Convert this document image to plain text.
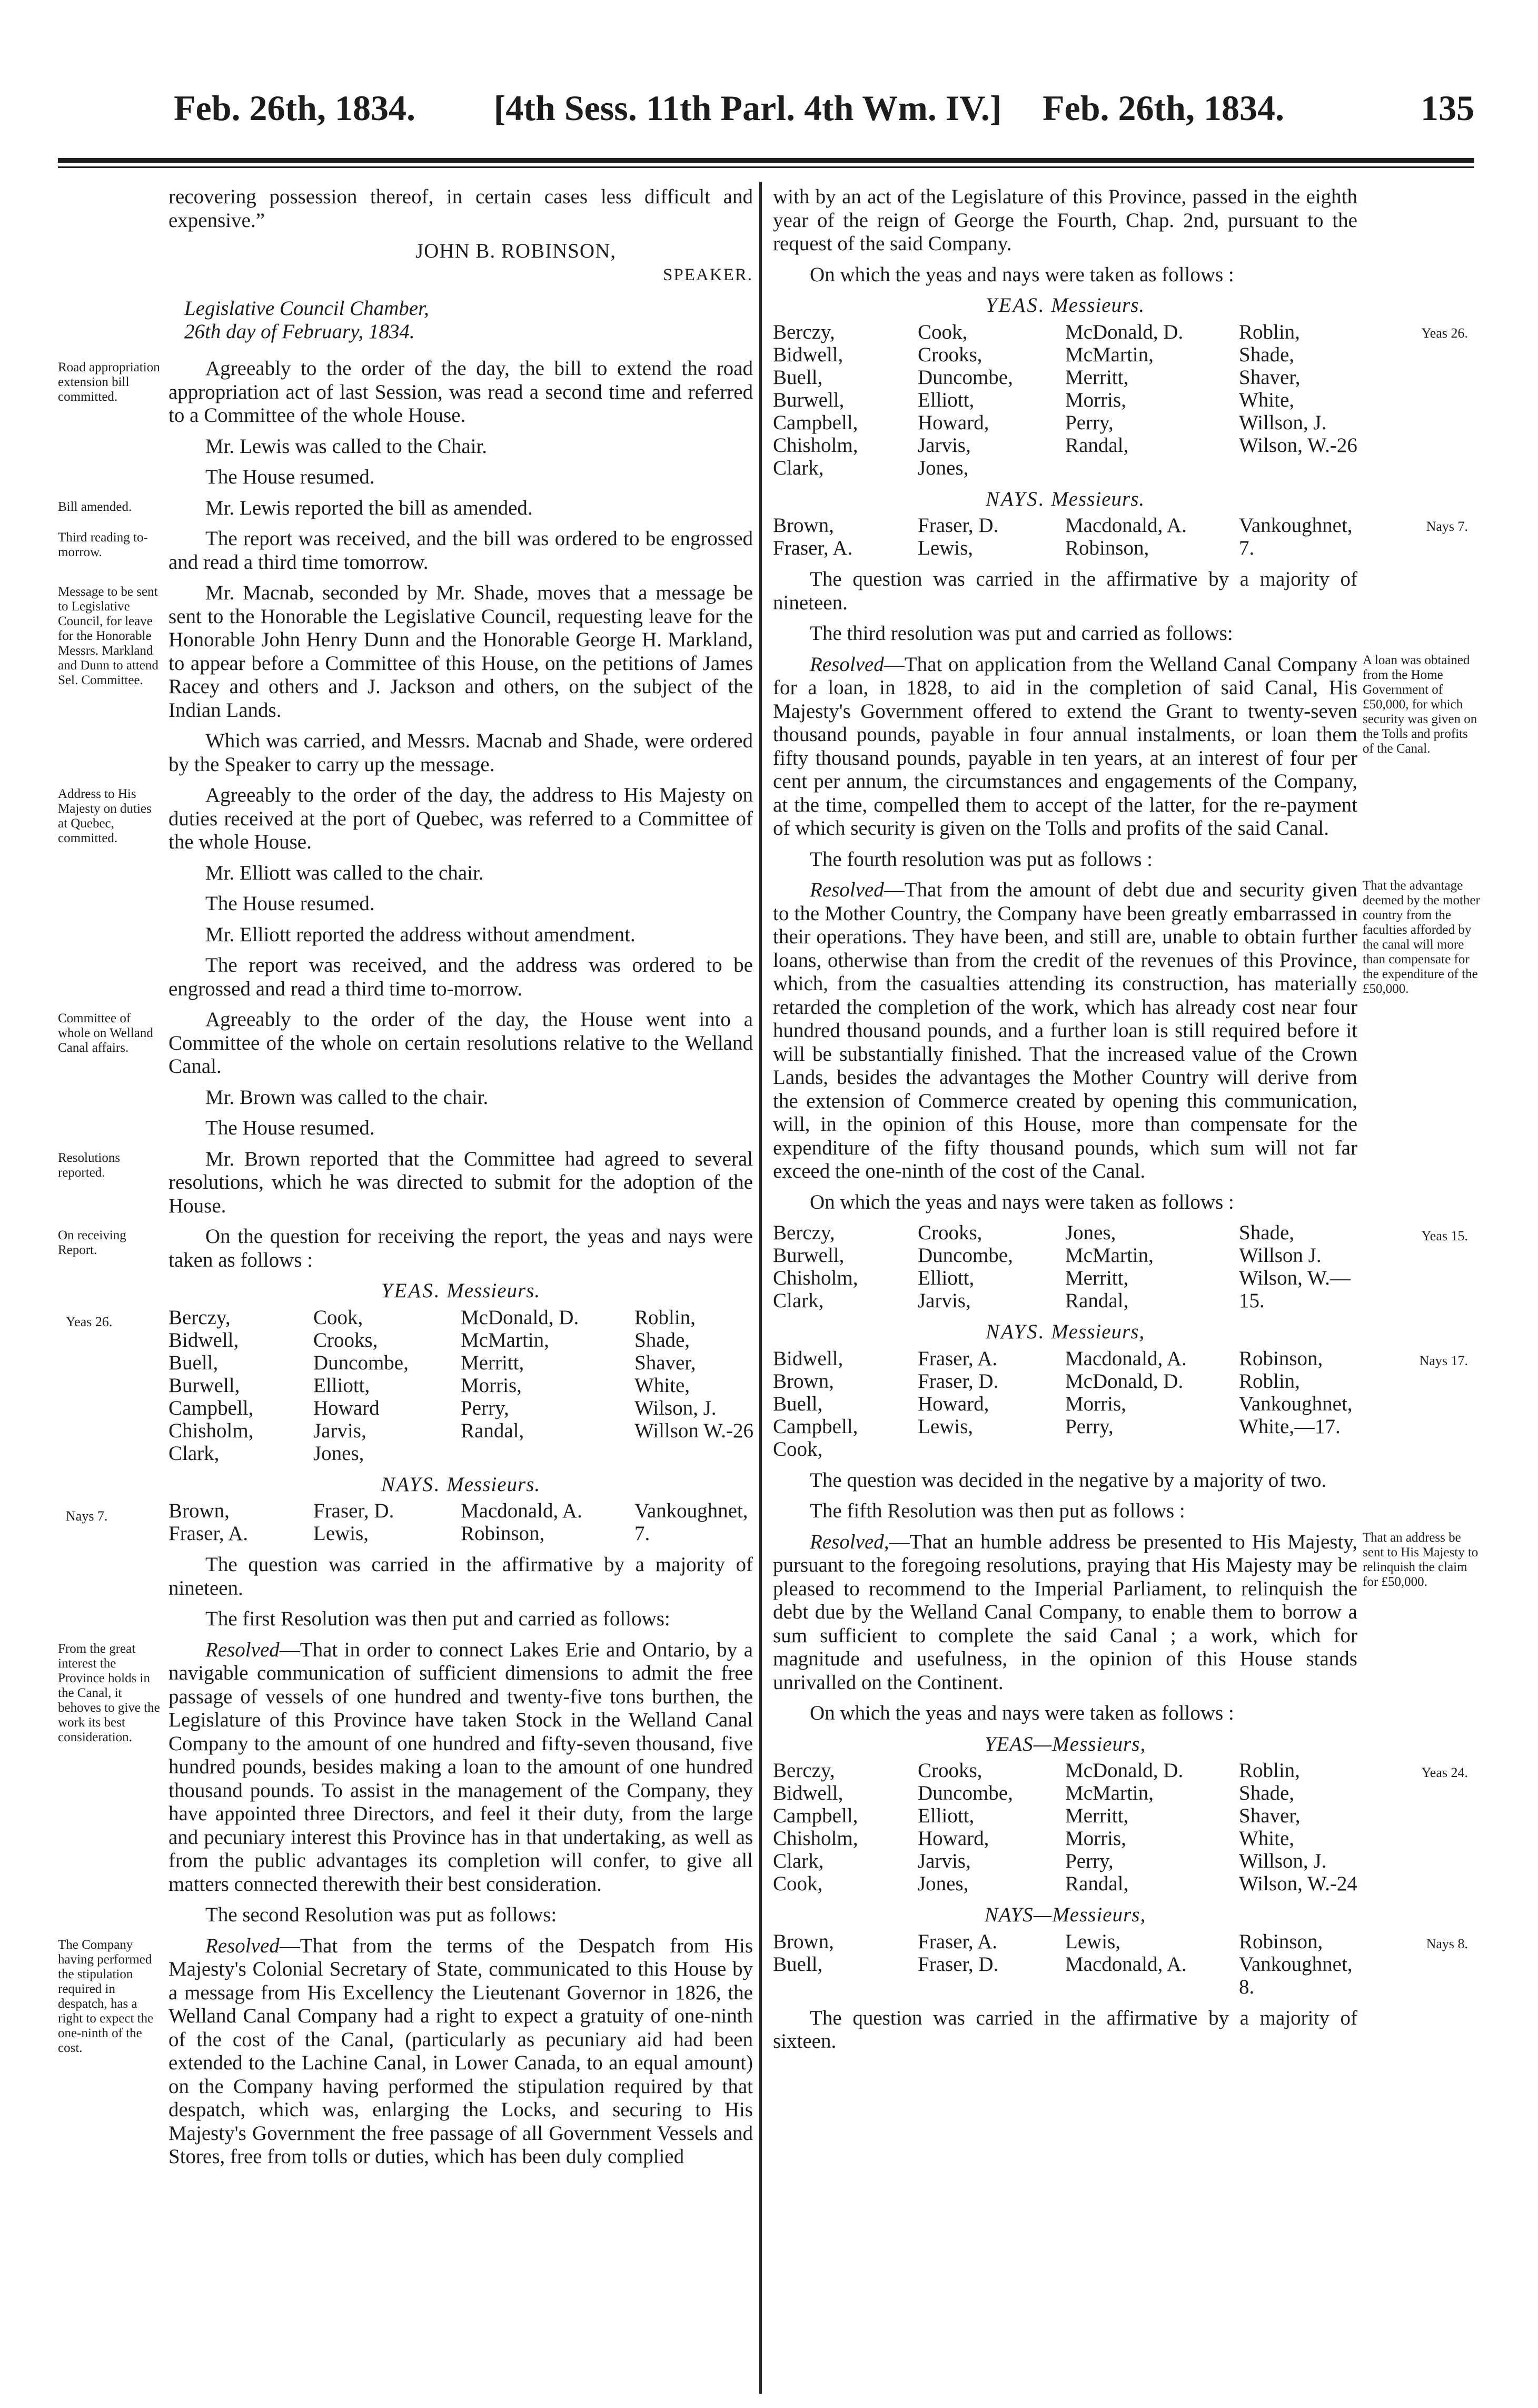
Feb. 26th, 1834.	[4th Sess. 11th Parl. 4th Wm. IV.]	Feb. 26th, 1834.	135

recovering possession thereof, in certain cases less difficult and expensive.”

JOHN B. ROBINSON,

SPEAKER.

Legislative Council Chamber,
26th day of February, 1834.

Road appropriation extension bill committed.
Agreeably to the order of the day, the bill to extend the road appropriation act of last Session, was read a second time and referred to a Committee of the whole House.

Mr. Lewis was called to the Chair.

The House resumed.

Bill amended.	Mr. Lewis reported the bill as amended.

Third reading to-morrow.
The report was received, and the bill was ordered to be engrossed and read a third time tomorrow.

Message to be sent to Legislative Council, for leave for the Honorable Messrs. Markland and Dunn to attend Sel. Committee.
Mr. Macnab, seconded by Mr. Shade, moves that a message be sent to the Honorable the Legislative Council, requesting leave for the Honorable John Henry Dunn and the Honorable George H. Markland, to appear before a Committee of this House, on the petitions of James Racey and others and J. Jackson and others, on the subject of the Indian Lands.

Which was carried, and Messrs. Macnab and Shade, were ordered by the Speaker to carry up the message.

Address to His Majesty on duties at Quebec, committed.
Agreeably to the order of the day, the address to His Majesty on duties received at the port of Quebec, was referred to a Committee of the whole House.

Mr. Elliott was called to the chair.

The House resumed.

Mr. Elliott reported the address without amendment.

The report was received, and the address was ordered to be engrossed and read a third time to-morrow.

Committee of whole on Welland Canal affairs.
Agreeably to the order of the day, the House went into a Committee of the whole on certain resolutions relative to the Welland Canal.

Mr. Brown was called to the chair.

The House resumed.

Resolutions reported.
Mr. Brown reported that the Committee had agreed to several resolutions, which he was directed to submit for the adoption of the House.

On receiving Report.
On the question for receiving the report, the yeas and nays were taken as follows :

YEAS. Messieurs.
Yeas 26.	Berczy,	Cook,	McDonald, D.	Roblin,
Bidwell,	Crooks,	McMartin,	Shade,
Buell,	Duncombe,	Merritt,	Shaver,
Burwell,	Elliott,	Morris,	White,
Campbell,	Howard	Perry,	Wilson, J.
Chisholm,	Jarvis,	Randal,	Willson W.-26
Clark,	Jones,
NAYS. Messieurs.
Nays 7.	Brown,	Fraser, D.	Macdonald, A.	Vankoughnet,
Fraser, A.	Lewis,	Robinson,	7.

The question was carried in the affirmative by a majority of nineteen.

The first Resolution was then put and carried as follows:

From the great interest the Province holds in the Canal, it behoves to give the work its best consideration.
Resolved—That in order to connect Lakes Erie and Ontario, by a navigable communication of sufficient dimensions to admit the free passage of vessels of one hundred and twenty-five tons burthen, the Legislature of this Province have taken Stock in the Welland Canal Company to the amount of one hundred and fifty-seven thousand, five hundred pounds, besides making a loan to the amount of one hundred thousand pounds. To assist in the management of the Company, they have appointed three Directors, and feel it their duty, from the large and pecuniary interest this Province has in that undertaking, as well as from the public advantages its completion will confer, to give all matters connected therewith their best consideration.

The second Resolution was put as follows:

The Company having performed the stipulation required in despatch, has a right to expect the one-ninth of the cost.
Resolved—That from the terms of the Despatch from His Majesty's Colonial Secretary of State, communicated to this House by a message from His Excellency the Lieutenant Governor in 1826, the Welland Canal Company had a right to expect a gratuity of one-ninth of the cost of the Canal, (particularly as pecuniary aid had been extended to the Lachine Canal, in Lower Canada, to an equal amount) on the Company having performed the stipulation required by that despatch, which was, enlarging the Locks, and securing to His Majesty's Government the free passage of all Government Vessels and Stores, free from tolls or duties, which has been duly complied

with by an act of the Legislature of this Province, passed in the eighth year of the reign of George the Fourth, Chap. 2nd, pursuant to the request of the said Company.

On which the yeas and nays were taken as follows :

YEAS. Messieurs.
Yeas 26.
Berczy,	Cook,	McDonald, D.	Roblin,
Bidwell,	Crooks,	McMartin,	Shade,
Buell,	Duncombe,	Merritt,	Shaver,
Burwell,	Elliott,	Morris,	White,
Campbell,	Howard,	Perry,	Willson, J.
Chisholm,	Jarvis,	Randal,	Wilson, W.-26
Clark,	Jones,
NAYS. Messieurs.
Nays 7.
Brown,	Fraser, D.	Macdonald, A.	Vankoughnet,
Fraser, A.	Lewis,	Robinson,	7.

The question was carried in the affirmative by a majority of nineteen.

The third resolution was put and carried as follows:

A loan was obtained from the Home Government of £50,000, for which security was given on the Tolls and profits of the Canal.
Resolved—That on application from the Welland Canal Company for a loan, in 1828, to aid in the completion of said Canal, His Majesty's Government offered to extend the Grant to twenty-seven thousand pounds, payable in four annual instalments, or loan them fifty thousand pounds, payable in ten years, at an interest of four per cent per annum, the circumstances and engagements of the Company, at the time, compelled them to accept of the latter, for the re-payment of which security is given on the Tolls and profits of the said Canal.

The fourth resolution was put as follows :

That the advantage deemed by the mother country from the faculties afforded by the canal will more than compensate for the expenditure of the £50,000.
Resolved—That from the amount of debt due and security given to the Mother Country, the Company have been greatly embarrassed in their operations. They have been, and still are, unable to obtain further loans, otherwise than from the credit of the revenues of this Province, which, from the casualties attending its construction, has materially retarded the completion of the work, which has already cost near four hundred thousand pounds, and a further loan is still required before it will be substantially finished. That the increased value of the Crown Lands, besides the advantages the Mother Country will derive from the extension of Commerce created by opening this communication, will, in the opinion of this House, more than compensate for the expenditure of the fifty thousand pounds, which sum will not far exceed the one-ninth of the cost of the Canal.

On which the yeas and nays were taken as follows :

Yeas 15.
Berczy,	Crooks,	Jones,	Shade,
Burwell,	Duncombe,	McMartin,	Willson J.
Chisholm,	Elliott,	Merritt,	Wilson, W.—
Clark,	Jarvis,	Randal,	15.
NAYS. Messieurs,
Nays 17.
Bidwell,	Fraser, A.	Macdonald, A.	Robinson,
Brown,	Fraser, D.	McDonald, D.	Roblin,
Buell,	Howard,	Morris,	Vankoughnet,
Campbell,	Lewis,	Perry,	White,—17.
Cook,

The question was decided in the negative by a majority of two.

The fifth Resolution was then put as follows :

That an address be sent to His Majesty to relinquish the claim for £50,000.
Resolved,—That an humble address be presented to His Majesty, pursuant to the foregoing resolutions, praying that His Majesty may be pleased to recommend to the Imperial Parliament, to relinquish the debt due by the Welland Canal Company, to enable them to borrow a sum sufficient to complete the said Canal ; a work, which for magnitude and usefulness, in the opinion of this House stands unrivalled on the Continent.

On which the yeas and nays were taken as follows :

YEAS—Messieurs,
Yeas 24.
Berczy,	Crooks,	McDonald, D.	Roblin,
Bidwell,	Duncombe,	McMartin,	Shade,
Campbell,	Elliott,	Merritt,	Shaver,
Chisholm,	Howard,	Morris,	White,
Clark,	Jarvis,	Perry,	Willson, J.
Cook,	Jones,	Randal,	Wilson, W.-24
NAYS—Messieurs,
Nays 8.
Brown,	Fraser, A.	Lewis,	Robinson,
Buell,	Fraser, D.	Macdonald, A.	Vankoughnet,
8.

The question was carried in the affirmative by a majority of sixteen.
